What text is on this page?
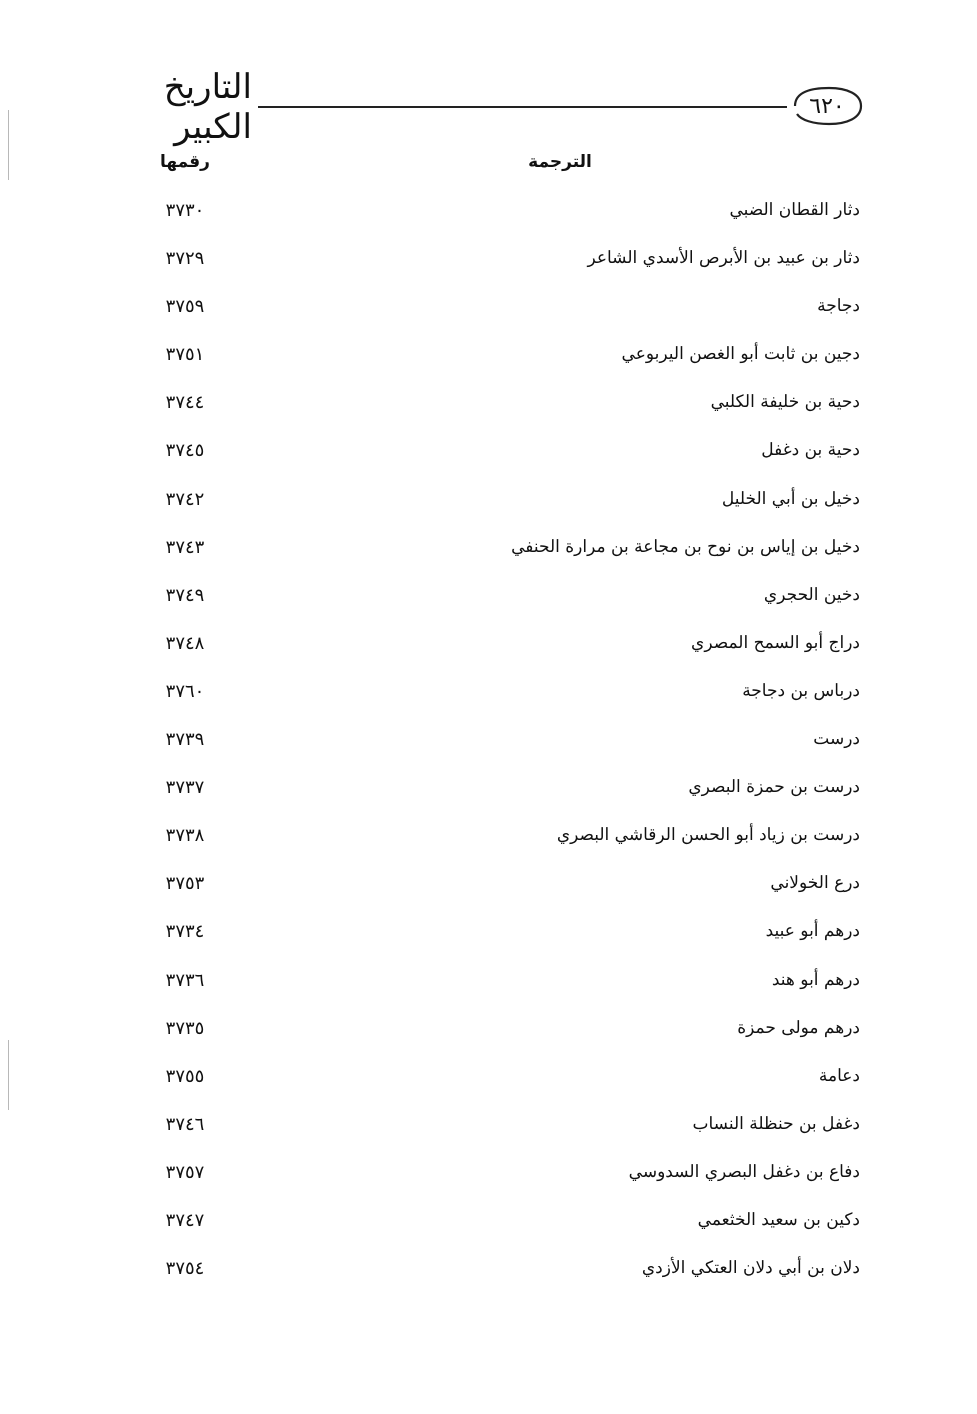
التاريخ الكبير
٦٢٠
الترجمة
رقمها
دثار القطان الضبي
٣٧٣٠
دثار بن عبيد بن الأبرص الأسدي الشاعر
٣٧٢٩
دجاجة
٣٧٥٩
دجين بن ثابت أبو الغصن اليربوعي
٣٧٥١
دحية بن خليفة الكلبي
٣٧٤٤
دحية بن دغفل
٣٧٤٥
دخيل بن أبي الخليل
٣٧٤٢
دخيل بن إياس بن نوح بن مجاعة بن مرارة الحنفي
٣٧٤٣
دخين الحجري
٣٧٤٩
دراج أبو السمح المصري
٣٧٤٨
درباس بن دجاجة
٣٧٦٠
درست
٣٧٣٩
درست بن حمزة البصري
٣٧٣٧
درست بن زياد أبو الحسن الرقاشي البصري
٣٧٣٨
درع الخولاني
٣٧٥٣
درهم أبو عبيد
٣٧٣٤
درهم أبو هند
٣٧٣٦
درهم مولى حمزة
٣٧٣٥
دعامة
٣٧٥٥
دغفل بن حنظلة النساب
٣٧٤٦
دفاع بن دغفل البصري السدوسي
٣٧٥٧
دكين بن سعيد الخثعمي
٣٧٤٧
دلان بن أبي دلان العتكي الأزدي
٣٧٥٤
